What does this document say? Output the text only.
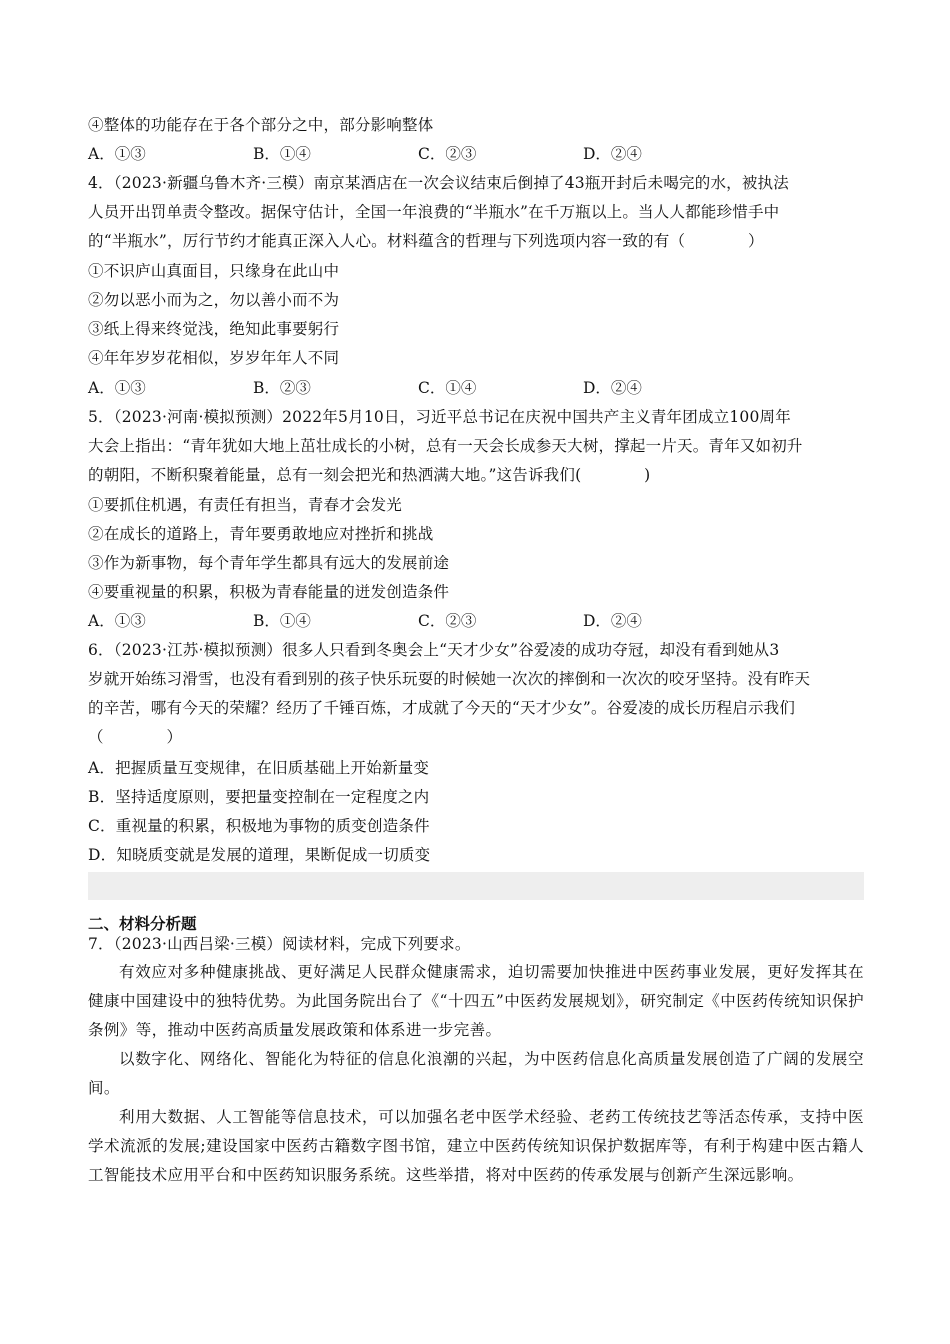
④整体的功能存在于各个部分之中，部分影响整体
A．①③	B．①④	C．②③	D．②④
4．（2023·新疆乌鲁木齐·三模）南京某酒店在一次会议结束后倒掉了43瓶开封后未喝完的水，被执法
人员开出罚单责令整改。据保守估计，全国一年浪费的“半瓶水”在千万瓶以上。当人人都能珍惜手中
的“半瓶水”，厉行节约才能真正深入人心。材料蕴含的哲理与下列选项内容一致的有（　　　　）
①不识庐山真面目，只缘身在此山中
②勿以恶小而为之，勿以善小而不为
③纸上得来终觉浅，绝知此事要躬行
④年年岁岁花相似，岁岁年年人不同
A．①③	B．②③	C．①④	D．②④
5．（2023·河南·模拟预测）2022年5月10日，习近平总书记在庆祝中国共产主义青年团成立100周年
大会上指出：“青年犹如大地上茁壮成长的小树，总有一天会长成参天大树，撑起一片天。青年又如初升
的朝阳，不断积聚着能量，总有一刻会把光和热洒满大地。”这告诉我们(　　　　)
①要抓住机遇，有责任有担当，青春才会发光
②在成长的道路上，青年要勇敢地应对挫折和挑战
③作为新事物，每个青年学生都具有远大的发展前途
④要重视量的积累，积极为青春能量的迸发创造条件
A．①③	B．①④	C．②③	D．②④
6．（2023·江苏·模拟预测）很多人只看到冬奥会上“天才少女”谷爱凌的成功夺冠，却没有看到她从3
岁就开始练习滑雪，也没有看到别的孩子快乐玩耍的时候她一次次的摔倒和一次次的咬牙坚持。没有昨天
的辛苦，哪有今天的荣耀？经历了千锤百炼，才成就了今天的“天才少女”。谷爱凌的成长历程启示我们
（　　　　）
A．把握质量互变规律，在旧质基础上开始新量变
B．坚持适度原则，要把量变控制在一定程度之内
C．重视量的积累，积极地为事物的质变创造条件
D．知晓质变就是发展的道理，果断促成一切质变
二、材料分析题
7．（2023·山西吕梁·三模）阅读材料，完成下列要求。
有效应对多种健康挑战、更好满足人民群众健康需求，迫切需要加快推进中医药事业发展，更好发挥其在健康中国建设中的独特优势。为此国务院出台了《“十四五”中医药发展规划》，研究制定《中医药传统知识保护条例》等，推动中医药高质量发展政策和体系进一步完善。
以数字化、网络化、智能化为特征的信息化浪潮的兴起，为中医药信息化高质量发展创造了广阔的发展空间。
利用大数据、人工智能等信息技术，可以加强名老中医学术经验、老药工传统技艺等活态传承，支持中医学术流派的发展;建设国家中医药古籍数字图书馆，建立中医药传统知识保护数据库等，有利于构建中医古籍人工智能技术应用平台和中医药知识服务系统。这些举措，将对中医药的传承发展与创新产生深远影响。
